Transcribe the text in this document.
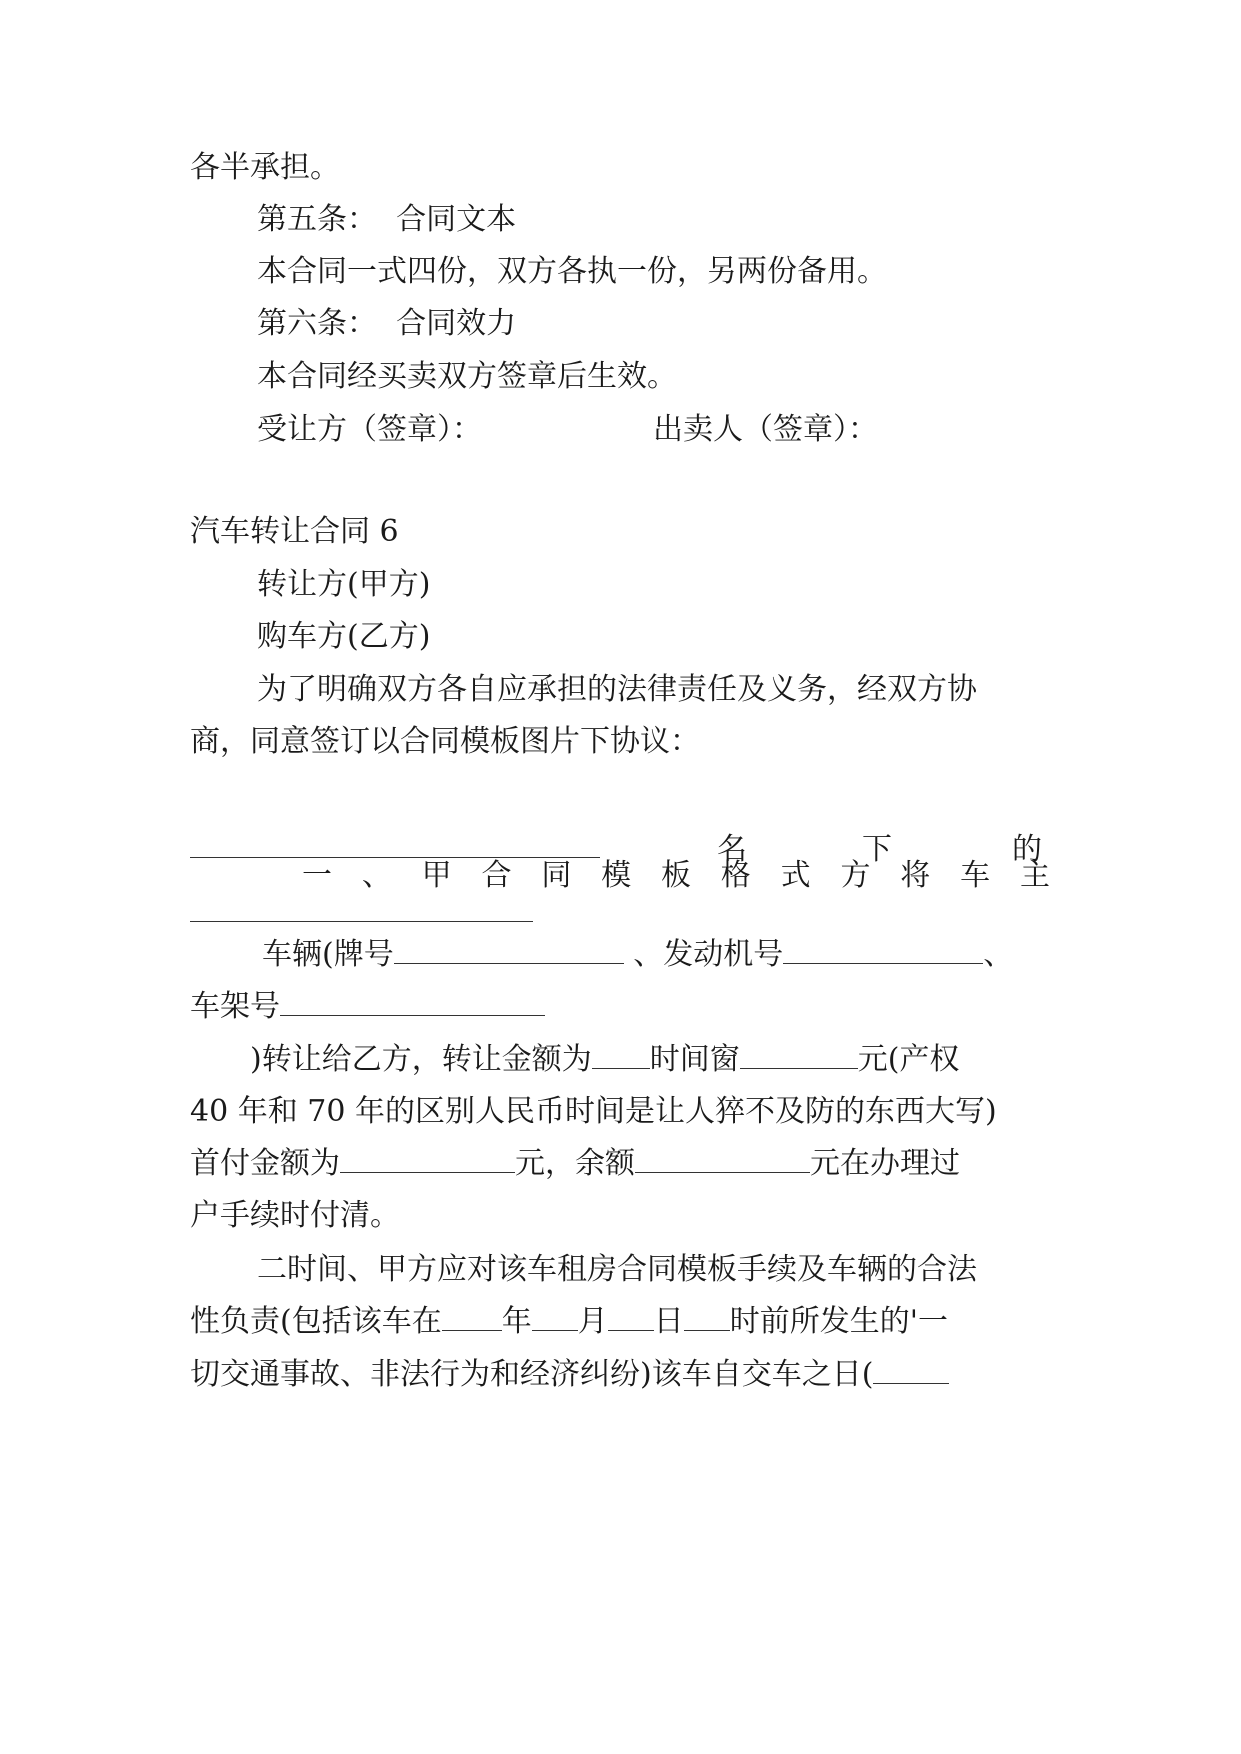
各半承担。

第五条：  合同文本

本合同一式四份，双方各执一份，另两份备用。

第六条：  合同效力

本合同经买卖双方签章后生效。

受让方（签章）：	出卖人（签章）：

汽车转让合同 6

转让方(甲方)

购车方(乙方)

为了明确双方各自应承担的法律责任及义务，经双方协

商，同意签订以合同模板图片下协议：

一 、 甲 合 同 模 板 格 式 方 将 车 主

名	下	的

车辆(牌号	、发动机号	、

车架号

)转让给乙方，转让金额为 时间窗	元(产权

40 年和 70 年的区别人民币时间是让人猝不及防的东西大写)

首付金额为	元，余额	元在办理过

户手续时付清。

二时间、甲方应对该车租房合同模板手续及车辆的合法

性负责(包括该车在 年 月 日 时前所发生的'一

切交通事故、非法行为和经济纠纷)该车自交车之日(
